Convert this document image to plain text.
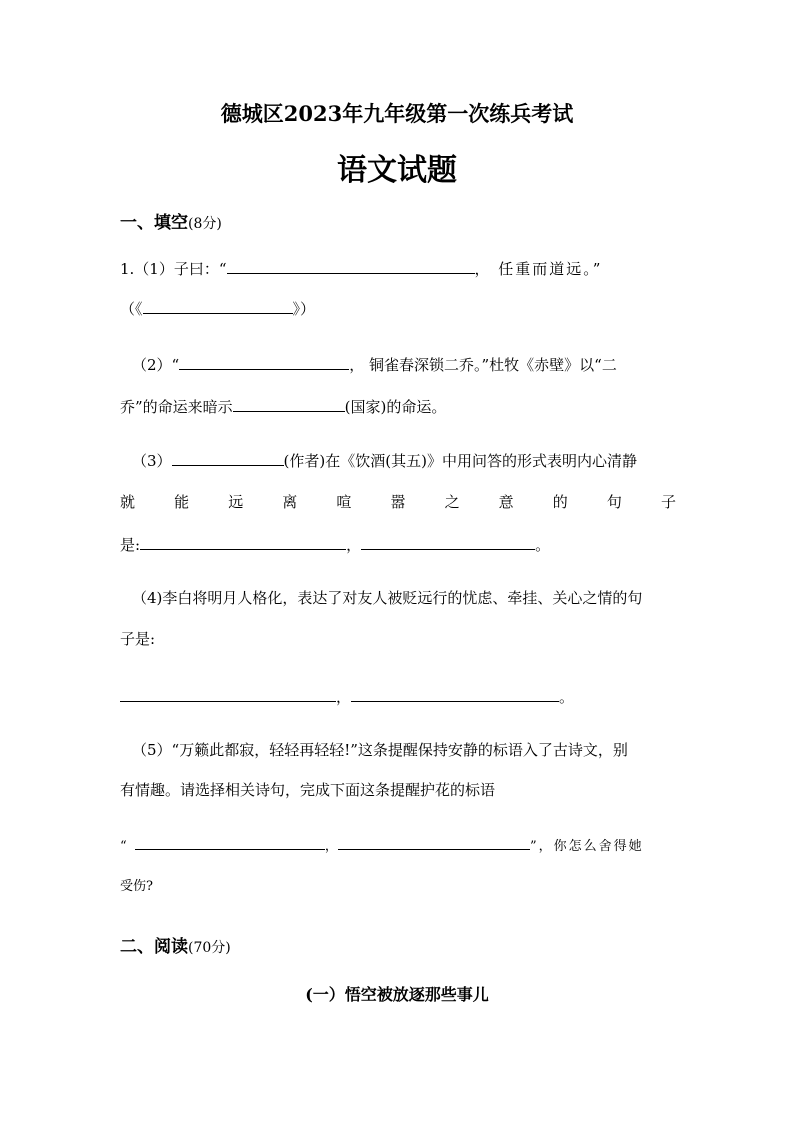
德城区2023年九年级第一次练兵考试
语文试题
一、填空(8分)
1.（1）子曰：“	， 任重而道远。”
（《	》）
（2）“	， 铜雀春深锁二乔。”杜牧《赤壁》以“二
乔”的命运来暗示	(国家)的命运。
（3）	(作者)在《饮酒(其五)》中用问答的形式表明内心清静
就	能	远	离	喧	嚣	之	意	的	句	子
是:	，	。
（4)李白将明月人格化，表达了对友人被贬远行的忧虑、牵挂、关心之情的句
子是:
，	。
（5）“万籁此都寂，轻轻再轻轻!”这条提醒保持安静的标语入了古诗文，别
有情趣。请选择相关诗句，完成下面这条提醒护花的标语
“	，	”，你怎么舍得她
受伤?
二、阅读(70分)
(一）悟空被放逐那些事儿
